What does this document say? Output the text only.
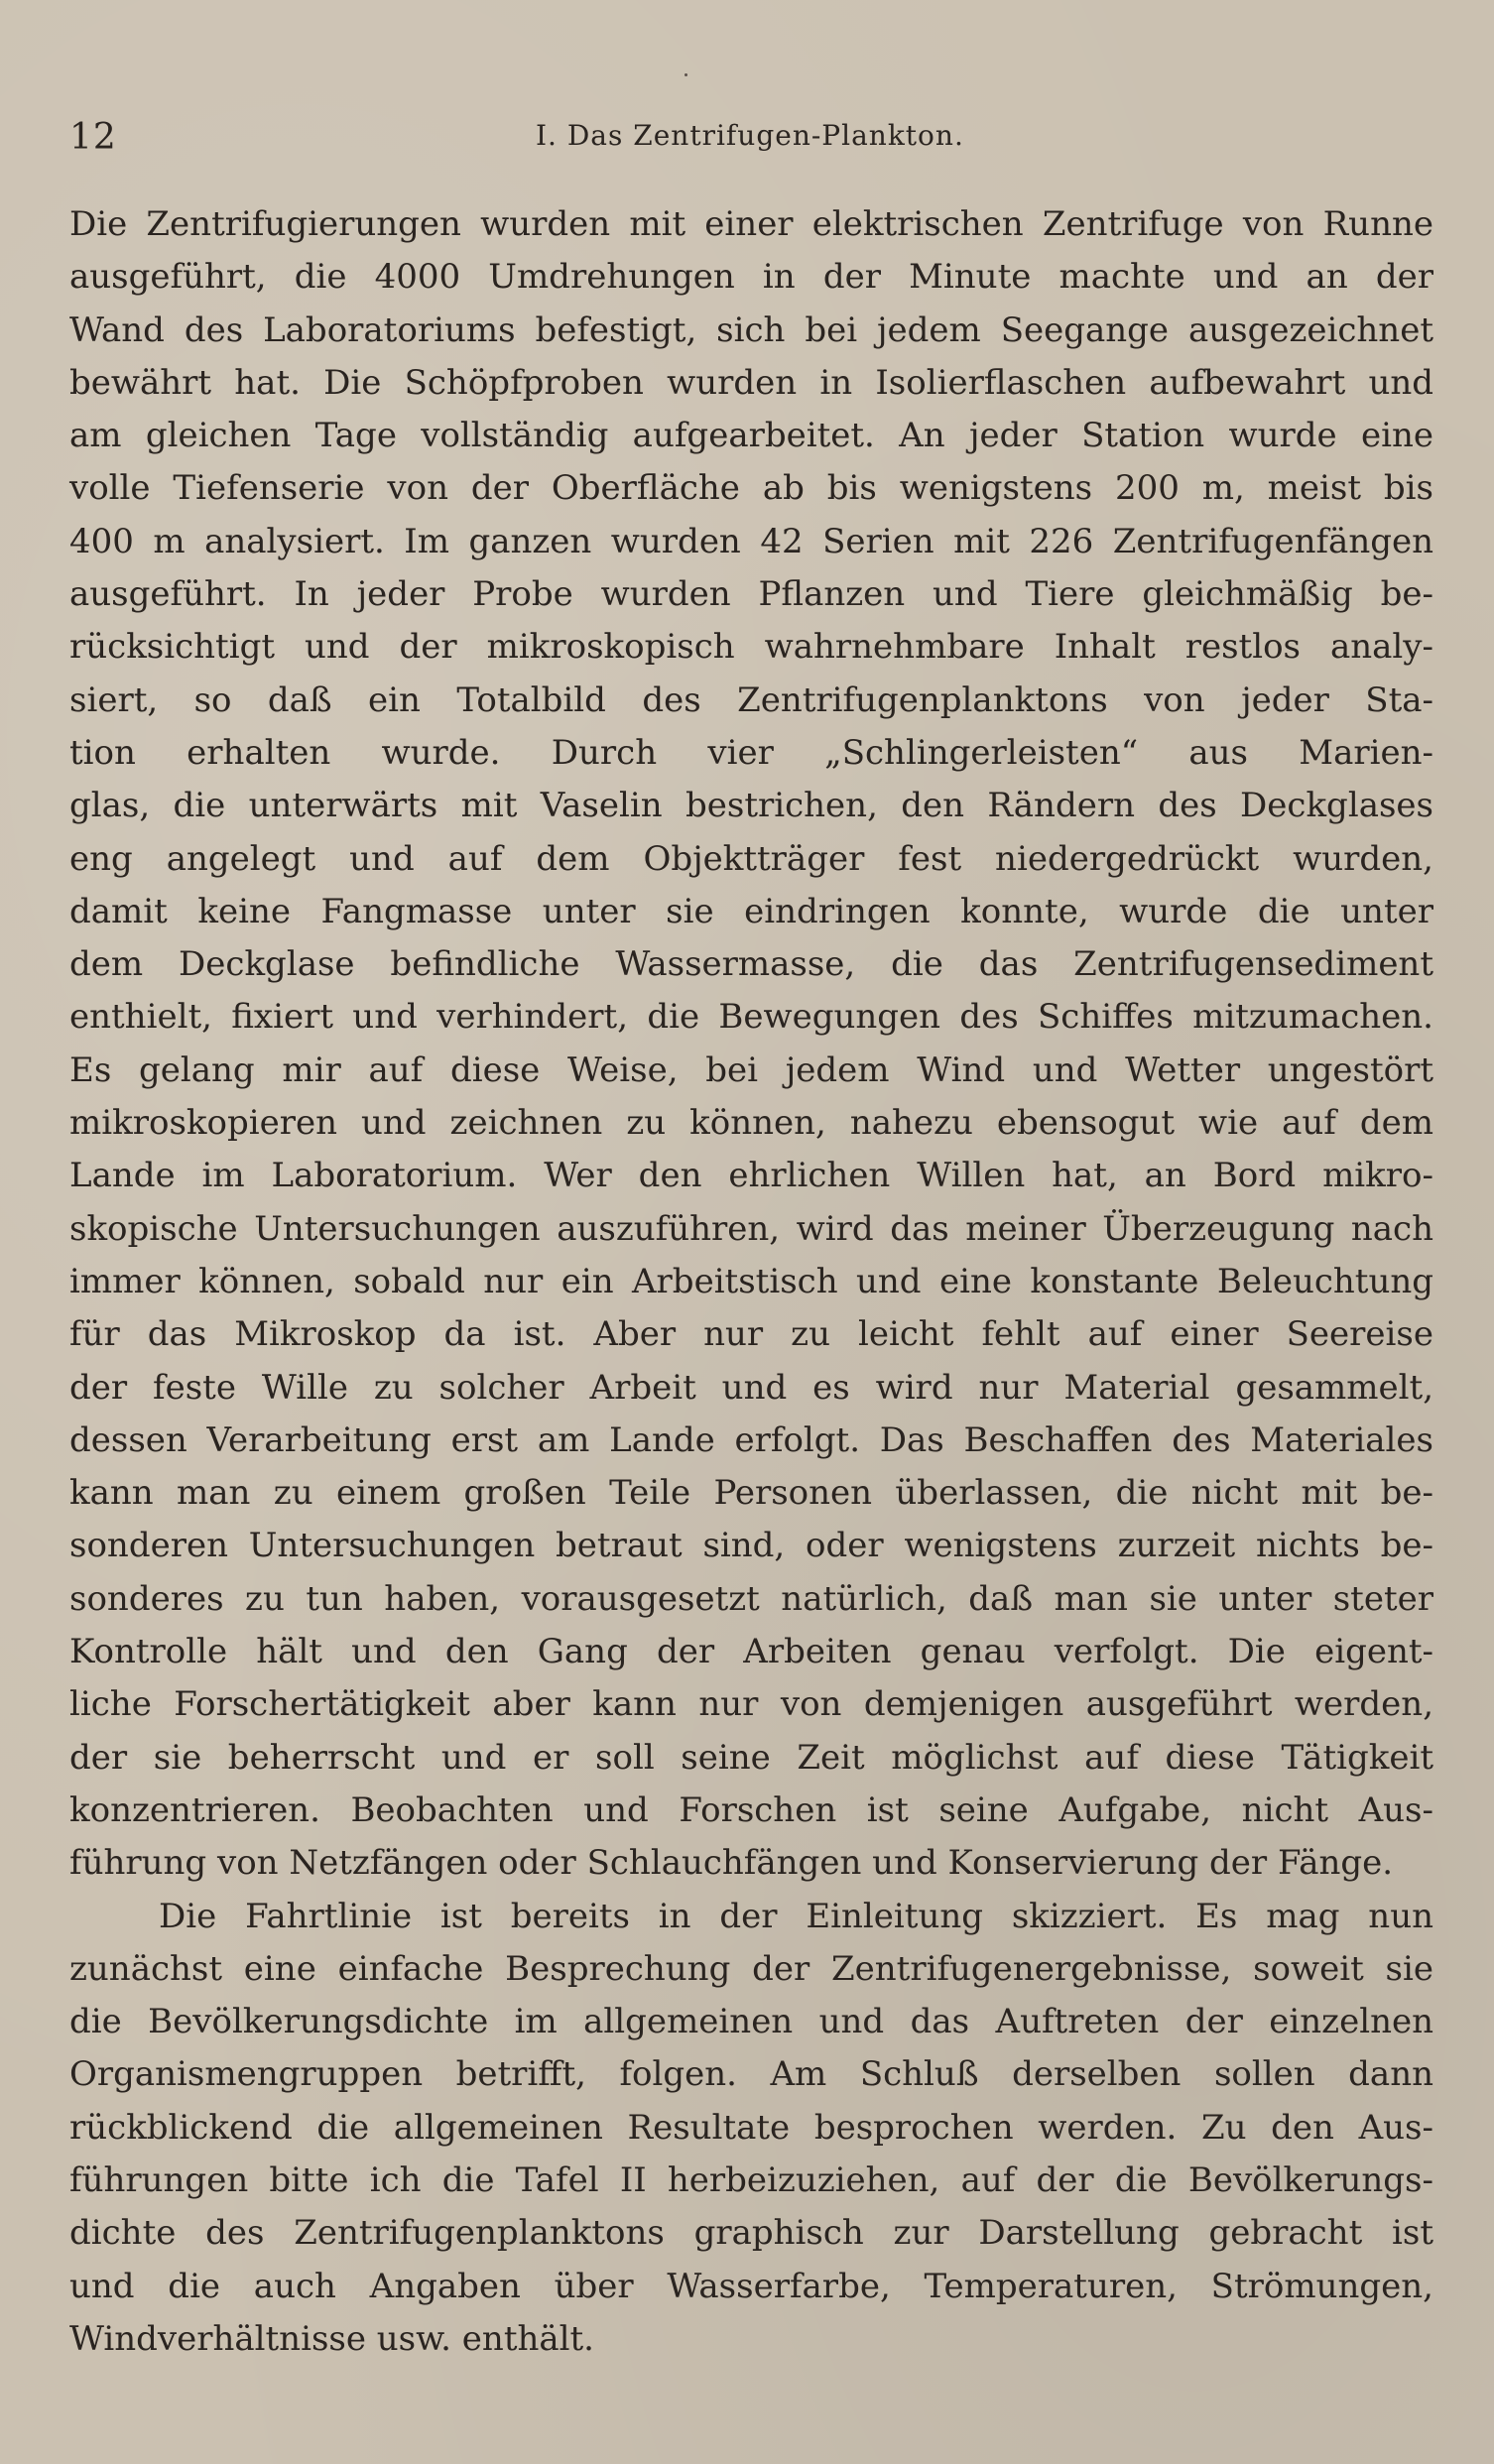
12	I. Das Zentrifugen-Plankton.
Die Zentrifugierungen wurden mit einer elektrischen Zentrifuge von Runne
ausgeführt, die 4000 Umdrehungen in der Minute machte und an der
Wand des Laboratoriums befestigt, sich bei jedem Seegange ausgezeichnet
bewährt hat. Die Schöpfproben wurden in Isolierflaschen aufbewahrt und
am gleichen Tage vollständig aufgearbeitet. An jeder Station wurde eine
volle Tiefenserie von der Oberfläche ab bis wenigstens 200 m, meist bis
400 m analysiert. Im ganzen wurden 42 Serien mit 226 Zentrifugenfängen
ausgeführt. In jeder Probe wurden Pflanzen und Tiere gleichmäßig be-
rücksichtigt und der mikroskopisch wahrnehmbare Inhalt restlos analy-
siert, so daß ein Totalbild des Zentrifugenplanktons von jeder Sta-
tion erhalten wurde. Durch vier „Schlingerleisten“ aus Marien-
glas, die unterwärts mit Vaselin bestrichen, den Rändern des Deckglases
eng angelegt und auf dem Objektträger fest niedergedrückt wurden,
damit keine Fangmasse unter sie eindringen konnte, wurde die unter
dem Deckglase befindliche Wassermasse, die das Zentrifugensediment
enthielt, fixiert und verhindert, die Bewegungen des Schiffes mitzumachen.
Es gelang mir auf diese Weise, bei jedem Wind und Wetter ungestört
mikroskopieren und zeichnen zu können, nahezu ebensogut wie auf dem
Lande im Laboratorium. Wer den ehrlichen Willen hat, an Bord mikro-
skopische Untersuchungen auszuführen, wird das meiner Überzeugung nach
immer können, sobald nur ein Arbeitstisch und eine konstante Beleuchtung
für das Mikroskop da ist. Aber nur zu leicht fehlt auf einer Seereise
der feste Wille zu solcher Arbeit und es wird nur Material gesammelt,
dessen Verarbeitung erst am Lande erfolgt. Das Beschaffen des Materiales
kann man zu einem großen Teile Personen überlassen, die nicht mit be-
sonderen Untersuchungen betraut sind, oder wenigstens zurzeit nichts be-
sonderes zu tun haben, vorausgesetzt natürlich, daß man sie unter steter
Kontrolle hält und den Gang der Arbeiten genau verfolgt. Die eigent-
liche Forschertätigkeit aber kann nur von demjenigen ausgeführt werden,
der sie beherrscht und er soll seine Zeit möglichst auf diese Tätigkeit
konzentrieren. Beobachten und Forschen ist seine Aufgabe, nicht Aus-
führung von Netzfängen oder Schlauchfängen und Konservierung der Fänge.
Die Fahrtlinie ist bereits in der Einleitung skizziert. Es mag nun
zunächst eine einfache Besprechung der Zentrifugenergebnisse, soweit sie
die Bevölkerungsdichte im allgemeinen und das Auftreten der einzelnen
Organismengruppen betrifft, folgen. Am Schluß derselben sollen dann
rückblickend die allgemeinen Resultate besprochen werden. Zu den Aus-
führungen bitte ich die Tafel II herbeizuziehen, auf der die Bevölkerungs-
dichte des Zentrifugenplanktons graphisch zur Darstellung gebracht ist
und die auch Angaben über Wasserfarbe, Temperaturen, Strömungen,
Windverhältnisse usw. enthält.
